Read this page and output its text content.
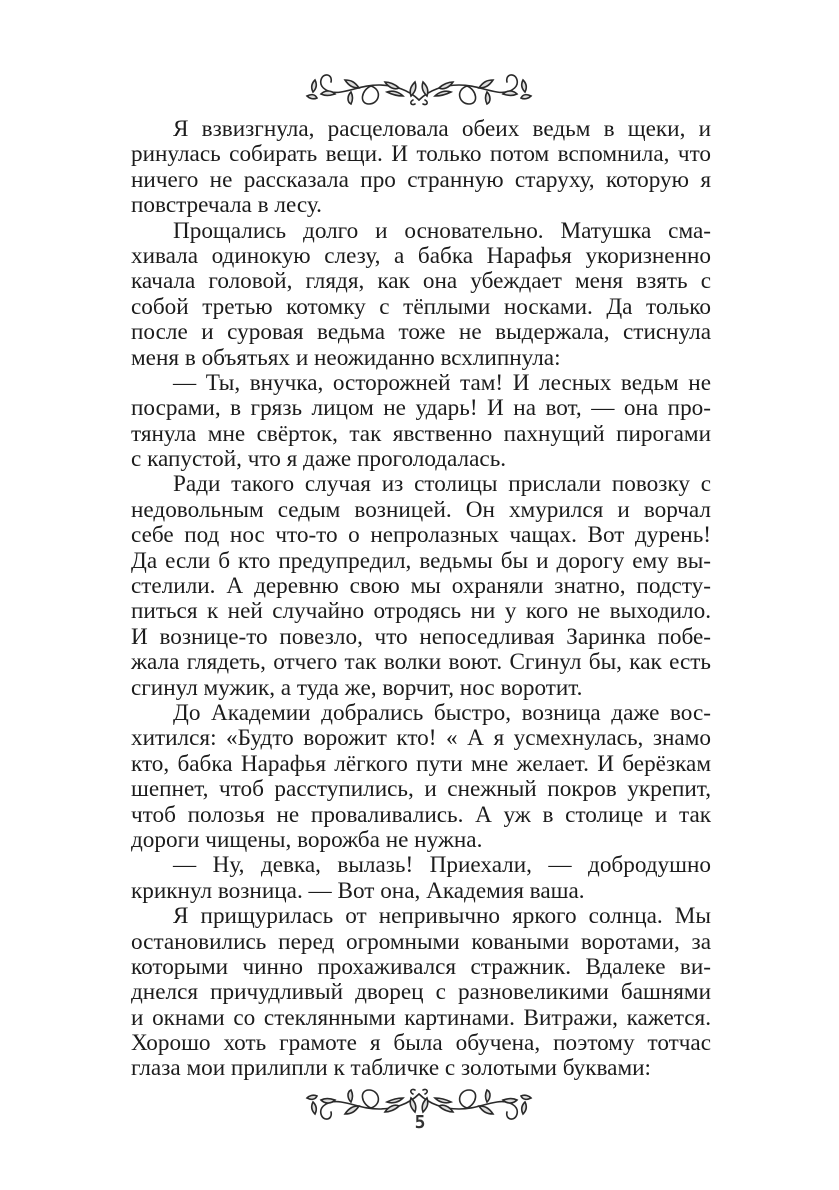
Я взвизгнула, расцеловала обеих ведьм в щеки, и
ринулась собирать вещи. И только потом вспомнила, что
ничего не рассказала про странную старуху, которую я
повстречала в лесу.
Прощались долго и основательно. Матушка сма-
хивала одинокую слезу, а бабка Нарафья укоризненно
качала головой, глядя, как она убеждает меня взять с
собой третью котомку с тёплыми носками. Да только
после и суровая ведьма тоже не выдержала, стиснула
меня в объятьях и неожиданно всхлипнула:
— Ты, внучка, осторожней там! И лесных ведьм не
посрами, в грязь лицом не ударь! И на вот, — она про-
тянула мне свёрток, так явственно пахнущий пирогами
с капустой, что я даже проголодалась.
Ради такого случая из столицы прислали повозку с
недовольным седым возницей. Он хмурился и ворчал
себе под нос что-то о непролазных чащах. Вот дурень!
Да если б кто предупредил, ведьмы бы и дорогу ему вы-
стелили. А деревню свою мы охраняли знатно, подсту-
питься к ней случайно отродясь ни у кого не выходило.
И вознице-то повезло, что непоседливая Заринка побе-
жала глядеть, отчего так волки воют. Сгинул бы, как есть
сгинул мужик, а туда же, ворчит, нос воротит.
До Академии добрались быстро, возница даже вос-
хитился: «Будто ворожит кто! « А я усмехнулась, знамо
кто, бабка Нарафья лёгкого пути мне желает. И берёзкам
шепнет, чтоб расступились, и снежный покров укрепит,
чтоб полозья не проваливались. А уж в столице и так
дороги чищены, ворожба не нужна.
— Ну, девка, вылазь! Приехали, — добродушно
крикнул возница. — Вот она, Академия ваша.
Я прищурилась от непривычно яркого солнца. Мы
остановились перед огромными коваными воротами, за
которыми чинно прохаживался стражник. Вдалеке ви-
днелся причудливый дворец с разновеликими башнями
и окнами со стеклянными картинами. Витражи, кажется.
Хорошо хоть грамоте я была обучена, поэтому тотчас
глаза мои прилипли к табличке с золотыми буквами:
5
